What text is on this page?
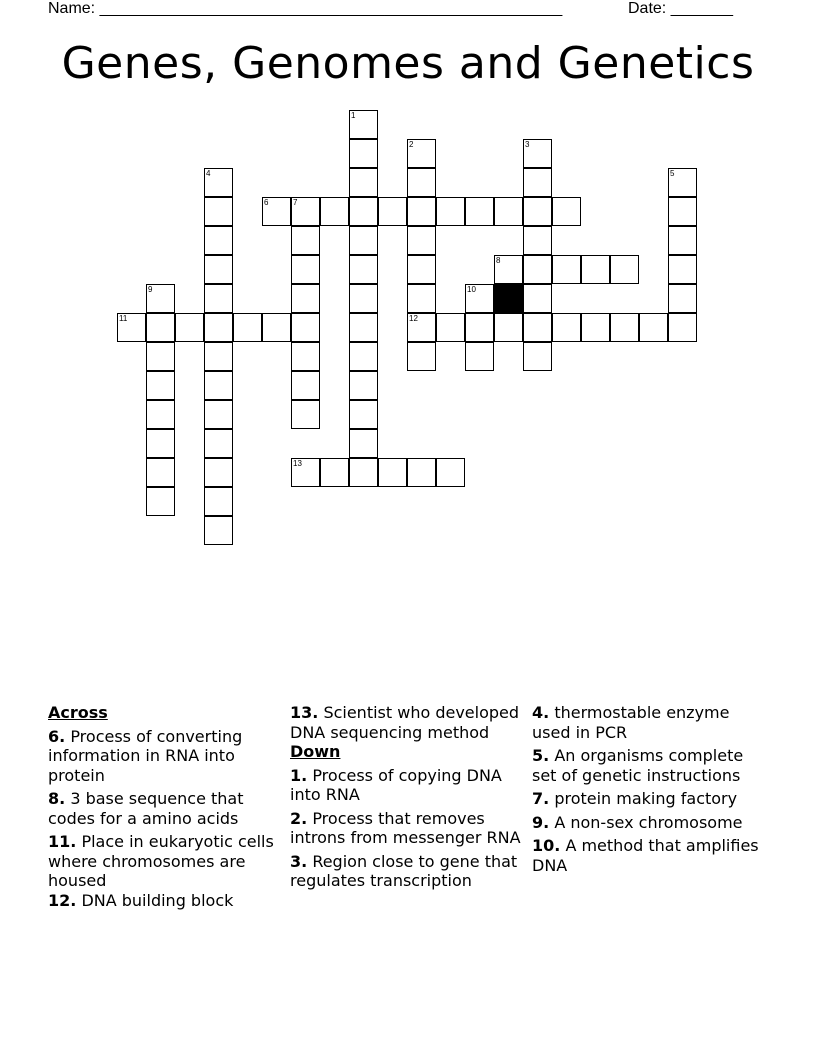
Name: ____________________________________________________	Date: _______
Genes, Genomes and Genetics
1
2
12
3
4	5
6	7
8
9	10
11
13
Across
6. Process of converting information in RNA into protein
8. 3 base sequence that codes for a amino acids
11. Place in eukaryotic cells where chromosomes are housed
12. DNA building block
13. Scientist who developed DNA sequencing method
Down
1. Process of copying DNA into RNA
2. Process that removes introns from messenger RNA
3. Region close to gene that regulates transcription
4. thermostable enzyme used in PCR
5. An organisms complete set of genetic instructions
7. protein making factory
9. A non-sex chromosome
10. A method that amplifies DNA
